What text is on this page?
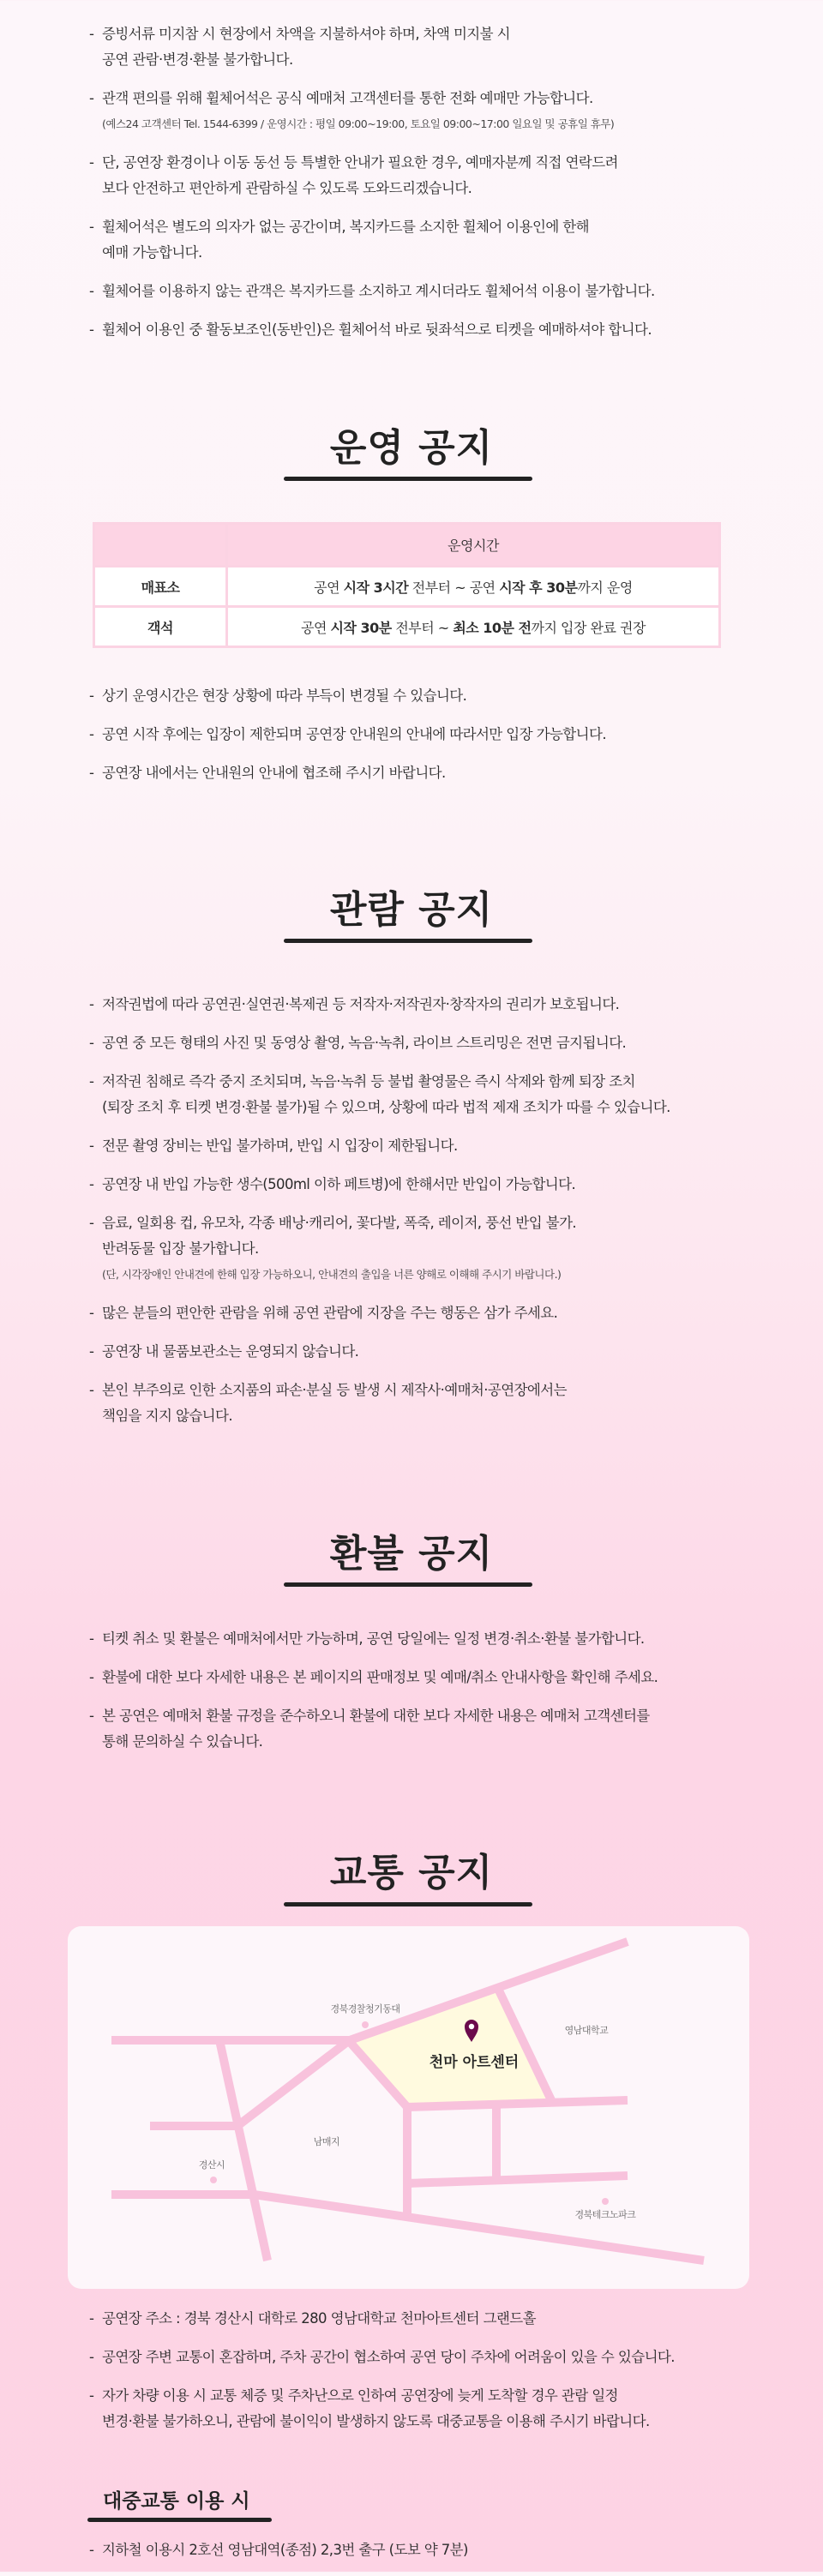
- 증빙서류 미지참 시 현장에서 차액을 지불하셔야 하며, 차액 미지불 시
공연 관람·변경·환불 불가합니다.
- 관객 편의를 위해 휠체어석은 공식 예매처 고객센터를 통한 전화 예매만 가능합니다.
(예스24 고객센터 Tel. 1544-6399 / 운영시간 : 평일 09:00~19:00, 토요일 09:00~17:00 일요일 및 공휴일 휴무)
- 단, 공연장 환경이나 이동 동선 등 특별한 안내가 필요한 경우, 예매자분께 직접 연락드려
보다 안전하고 편안하게 관람하실 수 있도록 도와드리겠습니다.
- 휠체어석은 별도의 의자가 없는 공간이며, 복지카드를 소지한 휠체어 이용인에 한해
예매 가능합니다.
- 휠체어를 이용하지 않는 관객은 복지카드를 소지하고 계시더라도 휠체어석 이용이 불가합니다.
- 휠체어 이용인 중 활동보조인(동반인)은 휠체어석 바로 뒷좌석으로 티켓을 예매하셔야 합니다.
운영 공지
	운영시간
매표소	공연 시작 3시간 전부터 ~ 공연 시작 후 30분까지 운영
객석	공연 시작 30분 전부터 ~ 최소 10분 전까지 입장 완료 권장
- 상기 운영시간은 현장 상황에 따라 부득이 변경될 수 있습니다.
- 공연 시작 후에는 입장이 제한되며 공연장 안내원의 안내에 따라서만 입장 가능합니다.
- 공연장 내에서는 안내원의 안내에 협조해 주시기 바랍니다.
관람 공지
- 저작권법에 따라 공연권·실연권·복제권 등 저작자·저작권자·창작자의 권리가 보호됩니다.
- 공연 중 모든 형태의 사진 및 동영상 촬영, 녹음·녹취, 라이브 스트리밍은 전면 금지됩니다.
- 저작권 침해로 즉각 중지 조치되며, 녹음·녹취 등 불법 촬영물은 즉시 삭제와 함께 퇴장 조치
(퇴장 조치 후 티켓 변경·환불 불가)될 수 있으며, 상황에 따라 법적 제재 조치가 따를 수 있습니다.
- 전문 촬영 장비는 반입 불가하며, 반입 시 입장이 제한됩니다.
- 공연장 내 반입 가능한 생수(500ml 이하 페트병)에 한해서만 반입이 가능합니다.
- 음료, 일회용 컵, 유모차, 각종 배낭·캐리어, 꽃다발, 폭죽, 레이저, 풍선 반입 불가.
반려동물 입장 불가합니다.
(단, 시각장애인 안내견에 한해 입장 가능하오니, 안내견의 출입을 너른 양해로 이해해 주시기 바랍니다.)
- 많은 분들의 편안한 관람을 위해 공연 관람에 지장을 주는 행동은 삼가 주세요.
- 공연장 내 물품보관소는 운영되지 않습니다.
- 본인 부주의로 인한 소지품의 파손·분실 등 발생 시 제작사·예매처·공연장에서는
책임을 지지 않습니다.
환불 공지
- 티켓 취소 및 환불은 예매처에서만 가능하며, 공연 당일에는 일정 변경·취소·환불 불가합니다.
- 환불에 대한 보다 자세한 내용은 본 페이지의 판매정보 및 예매/취소 안내사항을 확인해 주세요.
- 본 공연은 예매처 환불 규정을 준수하오니 환불에 대한 보다 자세한 내용은 예매처 고객센터를
통해 문의하실 수 있습니다.
교통 공지
경북경찰청기동대
영남대학교
남매지
경산시
경북테크노파크
천마 아트센터
- 공연장 주소 : 경북 경산시 대학로 280 영남대학교 천마아트센터 그랜드홀
- 공연장 주변 교통이 혼잡하며, 주차 공간이 협소하여 공연 당이 주차에 어려움이 있을 수 있습니다.
- 자가 차량 이용 시 교통 체증 및 주차난으로 인하여 공연장에 늦게 도착할 경우 관람 일정
변경·환불 불가하오니, 관람에 불이익이 발생하지 않도록 대중교통을 이용해 주시기 바랍니다.
대중교통 이용 시
- 지하철 이용시 2호선 영남대역(종점) 2,3번 출구 (도보 약 7분)
